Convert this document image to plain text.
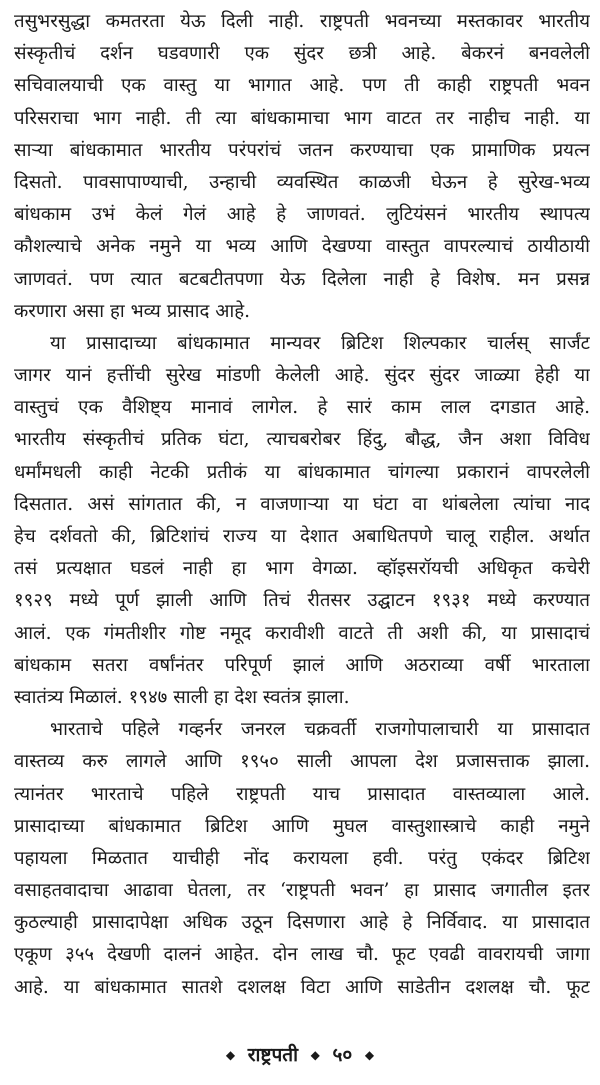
तसुभरसुद्धा कमतरता येऊ दिली नाही. राष्ट्रपती भवनच्या मस्तकावर भारतीय
संस्कृतीचं दर्शन घडवणारी एक सुंदर छत्री आहे. बेकरनं बनवलेली
सचिवालयाची एक वास्तु या भागात आहे. पण ती काही राष्ट्रपती भवन
परिसराचा भाग नाही. ती त्या बांधकामाचा भाग वाटत तर नाहीच नाही. या
साऱ्या बांधकामात भारतीय परंपरांचं जतन करण्याचा एक प्रामाणिक प्रयत्न
दिसतो. पावसापाण्याची, उन्हाची व्यवस्थित काळजी घेऊन हे सुरेख-भव्य
बांधकाम उभं केलं गेलं आहे हे जाणवतं. लुटियंसनं भारतीय स्थापत्य
कौशल्याचे अनेक नमुने या भव्य आणि देखण्या वास्तुत वापरल्याचं ठायीठायी
जाणवतं. पण त्यात बटबटीतपणा येऊ दिलेला नाही हे विशेष. मन प्रसन्न
करणारा असा हा भव्य प्रासाद आहे.
या प्रासादाच्या बांधकामात मान्यवर ब्रिटिश शिल्पकार चार्लस् सार्जंट
जागर यानं हत्तींची सुरेख मांडणी केलेली आहे. सुंदर सुंदर जाळ्या हेही या
वास्तुचं एक वैशिष्ट्य मानावं लागेल. हे सारं काम लाल दगडात आहे.
भारतीय संस्कृतीचं प्रतिक घंटा, त्याचबरोबर हिंदु, बौद्ध, जैन अशा विविध
धर्मांमधली काही नेटकी प्रतीकं या बांधकामात चांगल्या प्रकारानं वापरलेली
दिसतात. असं सांगतात की, न वाजणाऱ्या या घंटा वा थांबलेला त्यांचा नाद
हेच दर्शवतो की, ब्रिटिशांचं राज्य या देशात अबाधितपणे चालू राहील. अर्थात
तसं प्रत्यक्षात घडलं नाही हा भाग वेगळा. व्हॉइसरॉयची अधिकृत कचेरी
१९२९ मध्ये पूर्ण झाली आणि तिचं रीतसर उद्घाटन १९३१ मध्ये करण्यात
आलं. एक गंमतीशीर गोष्ट नमूद करावीशी वाटते ती अशी की, या प्रासादाचं
बांधकाम सतरा वर्षांनंतर परिपूर्ण झालं आणि अठराव्या वर्षी भारताला
स्वातंत्र्य मिळालं. १९४७ साली हा देश स्वतंत्र झाला.
भारताचे पहिले गव्हर्नर जनरल चक्रवर्ती राजगोपालाचारी या प्रासादात
वास्तव्य करु लागले आणि १९५० साली आपला देश प्रजासत्ताक झाला.
त्यानंतर भारताचे पहिले राष्ट्रपती याच प्रासादात वास्तव्याला आले.
प्रासादाच्या बांधकामात ब्रिटिश आणि मुघल वास्तुशास्त्राचे काही नमुने
पहायला मिळतात याचीही नोंद करायला हवी. परंतु एकंदर ब्रिटिश
वसाहतवादाचा आढावा घेतला, तर ‘राष्ट्रपती भवन’ हा प्रासाद जगातील इतर
कुठल्याही प्रासादापेक्षा अधिक उठून दिसणारा आहे हे निर्विवाद. या प्रासादात
एकूण ३५५ देखणी दालनं आहेत. दोन लाख चौ. फूट एवढी वावरायची जागा
आहे. या बांधकामात सातशे दशलक्ष विटा आणि साडेतीन दशलक्ष चौ. फूट
◆ राष्ट्रपती ◆ ५० ◆
